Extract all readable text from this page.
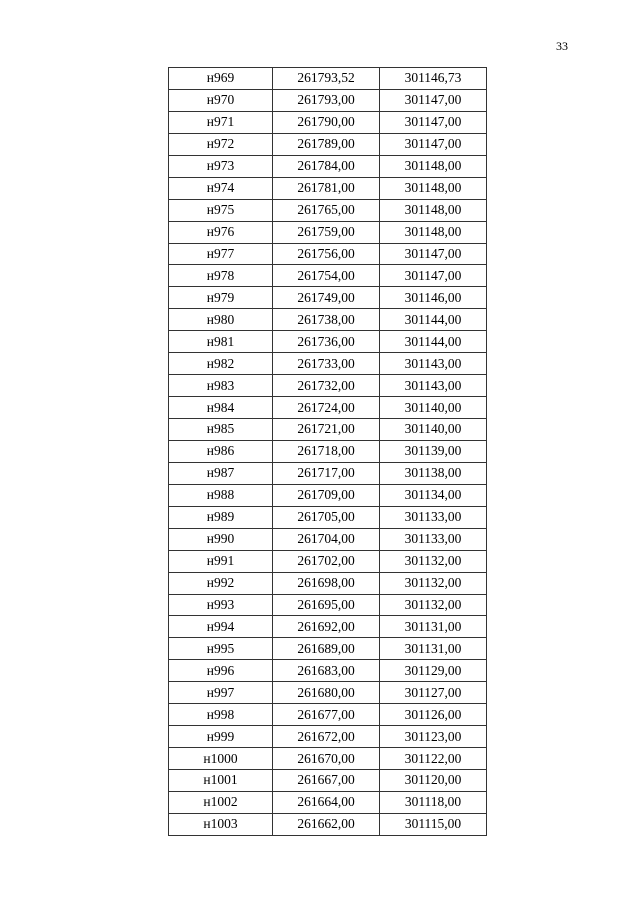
33
н969	261793,52	301146,73
н970	261793,00	301147,00
н971	261790,00	301147,00
н972	261789,00	301147,00
н973	261784,00	301148,00
н974	261781,00	301148,00
н975	261765,00	301148,00
н976	261759,00	301148,00
н977	261756,00	301147,00
н978	261754,00	301147,00
н979	261749,00	301146,00
н980	261738,00	301144,00
н981	261736,00	301144,00
н982	261733,00	301143,00
н983	261732,00	301143,00
н984	261724,00	301140,00
н985	261721,00	301140,00
н986	261718,00	301139,00
н987	261717,00	301138,00
н988	261709,00	301134,00
н989	261705,00	301133,00
н990	261704,00	301133,00
н991	261702,00	301132,00
н992	261698,00	301132,00
н993	261695,00	301132,00
н994	261692,00	301131,00
н995	261689,00	301131,00
н996	261683,00	301129,00
н997	261680,00	301127,00
н998	261677,00	301126,00
н999	261672,00	301123,00
н1000	261670,00	301122,00
н1001	261667,00	301120,00
н1002	261664,00	301118,00
н1003	261662,00	301115,00
